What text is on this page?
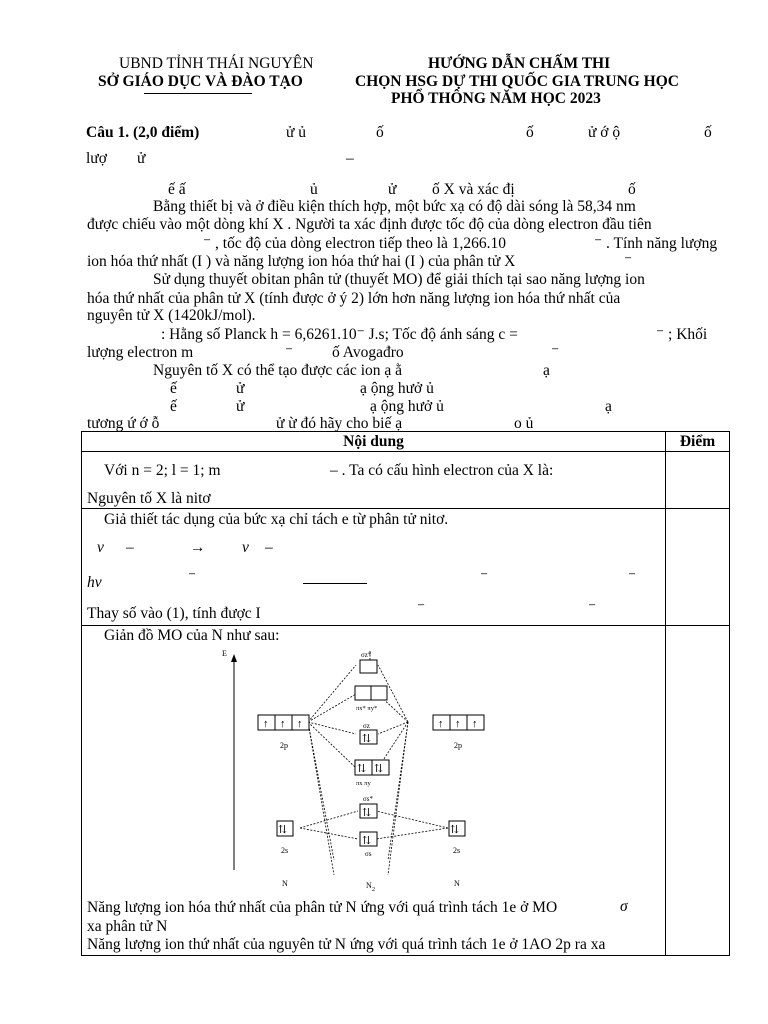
UBND TỈNH THÁI NGUYÊN
SỞ GIÁO DỤC VÀ ĐÀO TẠO
HƯỚNG DẪN CHẤM THI
CHỌN HSG DỰ THI QUỐC GIA TRUNG HỌC
PHỔ THÔNG NĂM HỌC 2023
Câu 1. (2,0 điểm)	ử ủ	ố	ố	ử ớ ộ	ố
lượ ử	–
ế ấ	ủ	ử ố X và xác đị	ố
Bằng thiết bị và ở điều kiện thích hợp, một bức xạ có độ dài sóng là 58,34 nm
được chiếu vào một dòng khí X . Người ta xác định được tốc độ của dòng electron đầu tiên
⁻ , tốc độ của dòng electron tiếp theo là 1,266.10	⁻ . Tính năng lượng
ion hóa thứ nhất (I ) và năng lượng ion hóa thứ hai (I ) của phân tử X	⁻
Sử dụng thuyết obitan phân tử (thuyết MO) để giải thích tại sao năng lượng ion
hóa thứ nhất của phân tử X (tính được ở ý 2) lớn hơn năng lượng ion hóa thứ nhất của
nguyên tử X (1420kJ/mol).
: Hằng số Planck h = 6,6261.10⁻ J.s; Tốc độ ánh sáng c =	⁻ ; Khối
lượng electron m	⁻	ố Avogađro	⁻
Nguyên tố X có thể tạo được các ion ạ ằ	ạ
ế	ử	ạ ộng hưở ủ
ế	ử	ạ ộng hưở ủ	ạ
tương ứ ớ ỗ	ử ừ đó hãy cho biế ạ	o ủ
Nội dung	Điểm
Với n = 2; l = 1; m	– . Ta có cấu hình electron của X là:
Nguyên tố X là nitơ
Giả thiết tác dụng của bức xạ chỉ tách e từ phân tử nitơ.
ν –	→ ν –
hν	⁻	⁻	⁻
Thay số vào (1), tính được I	⁻	⁻
Giản đồ MO của N như sau:
E
↑ ↑ ↑
2p
↑ ↑ ↑
2p
σz*
πx* πy*
σz
⇅
⇅ ⇅
πx πy
σs*
⇅
⇅
σs
⇅
2s
⇅
2s
N	N 2
N
Năng lượng ion hóa thứ nhất của phân tử N ứng với quá trình tách 1e ở MO	σ
xa phân tử N
Năng lượng ion thứ nhất của nguyên tử N ứng với quá trình tách 1e ở 1AO 2p ra xa
